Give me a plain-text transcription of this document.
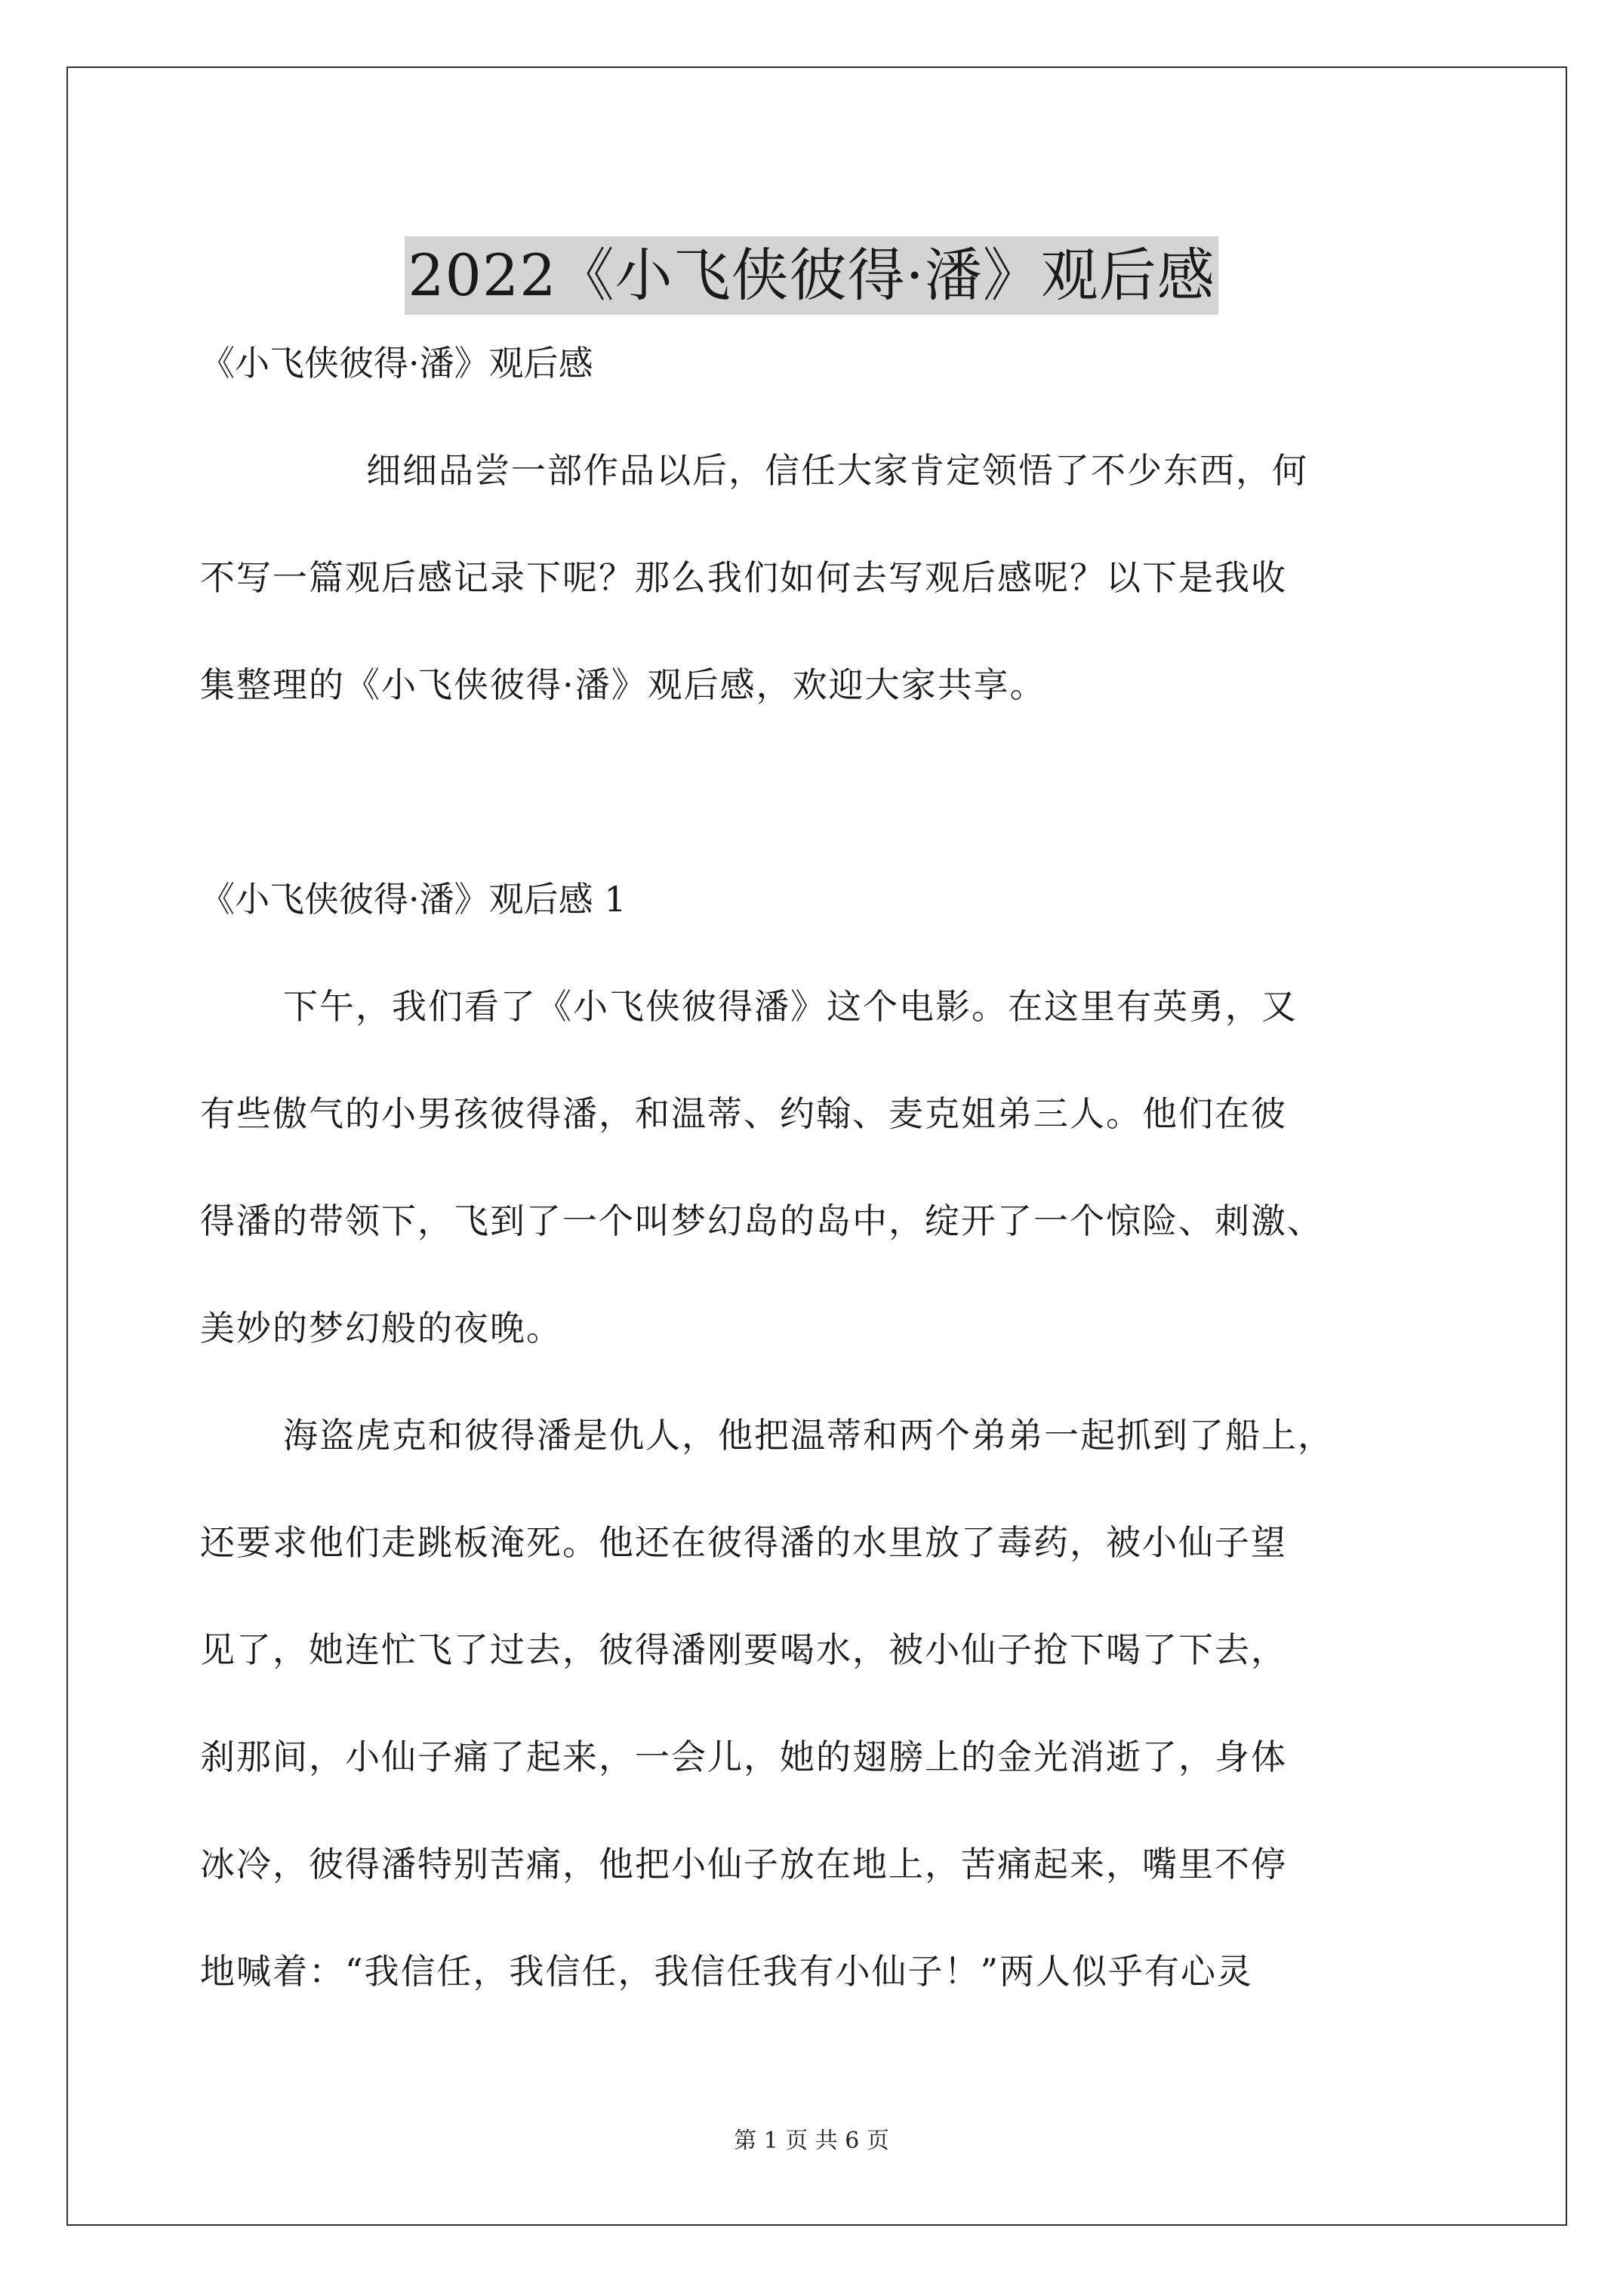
2022《小飞侠彼得·潘》观后感
《小飞侠彼得·潘》观后感
细细品尝一部作品以后，信任大家肯定领悟了不少东西，何
不写一篇观后感记录下呢？那么我们如何去写观后感呢？以下是我收
集整理的《小飞侠彼得·潘》观后感，欢迎大家共享。
《小飞侠彼得·潘》观后感 1
下午，我们看了《小飞侠彼得潘》这个电影。在这里有英勇，又
有些傲气的小男孩彼得潘，和温蒂、约翰、麦克姐弟三人。他们在彼
得潘的带领下，飞到了一个叫梦幻岛的岛中，绽开了一个惊险、刺激、
美妙的梦幻般的夜晚。
海盗虎克和彼得潘是仇人，他把温蒂和两个弟弟一起抓到了船上，
还要求他们走跳板淹死。他还在彼得潘的水里放了毒药，被小仙子望
见了，她连忙飞了过去，彼得潘刚要喝水，被小仙子抢下喝了下去，
刹那间，小仙子痛了起来，一会儿，她的翅膀上的金光消逝了，身体
冰冷，彼得潘特别苦痛，他把小仙子放在地上，苦痛起来，嘴里不停
地喊着：“我信任，我信任，我信任我有小仙子！”两人似乎有心灵
第 1 页 共 6 页
